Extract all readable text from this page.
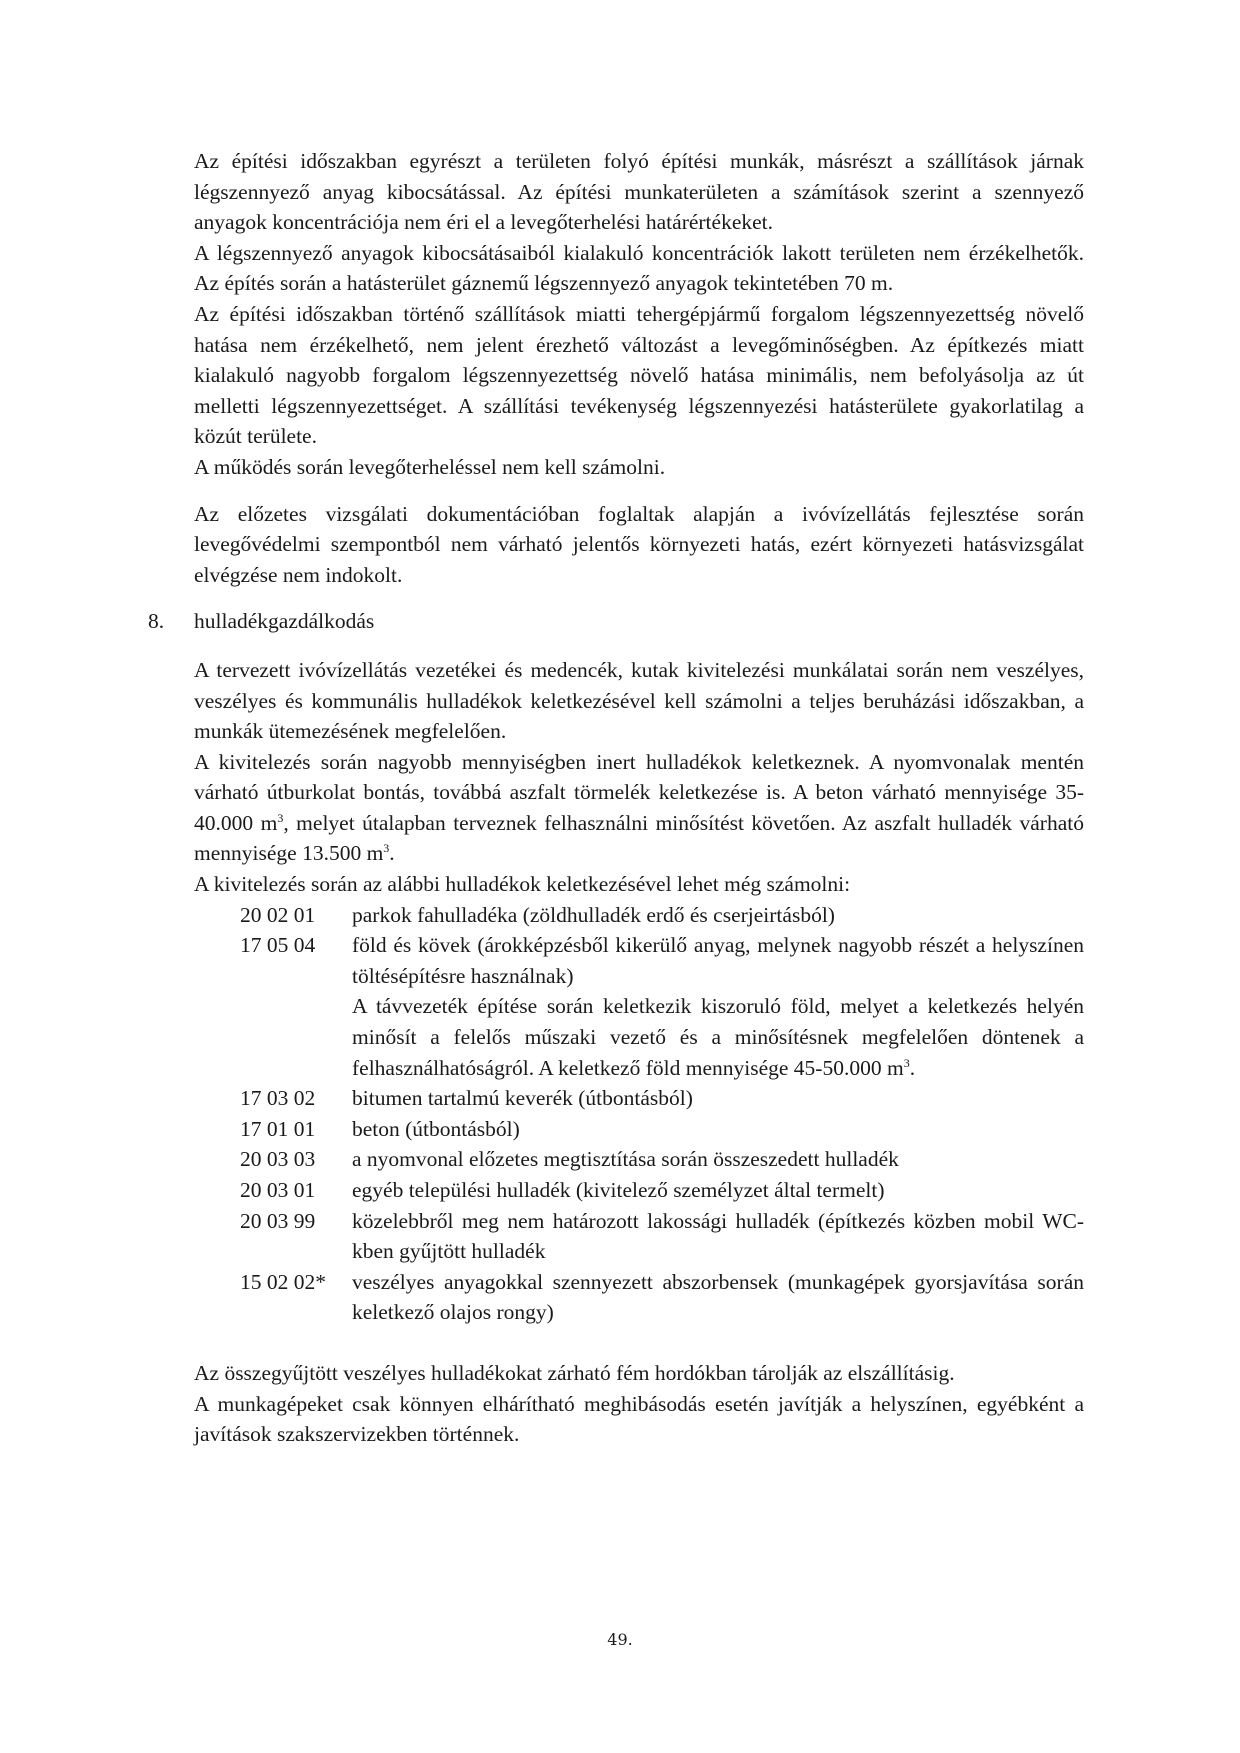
Az építési időszakban egyrészt a területen folyó építési munkák, másrészt a szállítások járnak légszennyező anyag kibocsátással. Az építési munkaterületen a számítások szerint a szennyező anyagok koncentrációja nem éri el a levegőterhelési határértékeket.

A légszennyező anyagok kibocsátásaiból kialakuló koncentrációk lakott területen nem érzékelhetők. Az építés során a hatásterület gáznemű légszennyező anyagok tekintetében 70 m.

Az építési időszakban történő szállítások miatti tehergépjármű forgalom légszennyezettség növelő hatása nem érzékelhető, nem jelent érezhető változást a levegőminőségben. Az építkezés miatt kialakuló nagyobb forgalom légszennyezettség növelő hatása minimális, nem befolyásolja az út melletti légszennyezettséget. A szállítási tevékenység légszennyezési hatásterülete gyakorlatilag a közút területe.

A működés során levegőterheléssel nem kell számolni.

Az előzetes vizsgálati dokumentációban foglaltak alapján a ivóvízellátás fejlesztése során levegővédelmi szempontból nem várható jelentős környezeti hatás, ezért környezeti hatásvizsgálat elvégzése nem indokolt.

8. hulladékgazdálkodás

A tervezett ivóvízellátás vezetékei és medencék, kutak kivitelezési munkálatai során nem veszélyes, veszélyes és kommunális hulladékok keletkezésével kell számolni a teljes beruházási időszakban, a munkák ütemezésének megfelelően.

A kivitelezés során nagyobb mennyiségben inert hulladékok keletkeznek. A nyomvonalak mentén várható útburkolat bontás, továbbá aszfalt törmelék keletkezése is. A beton várható mennyisége 35-40.000 $m^3$, melyet útalapban terveznek felhasználni minősítést követően. Az aszfalt hulladék várható mennyisége 13.500 $m^3$.

A kivitelezés során az alábbi hulladékok keletkezésével lehet még számolni:

20 02 01	parkok fahulladéka (zöldhulladék erdő és cserjeirtásból)
17 05 04	föld és kövek (árokképzésből kikerülő anyag, melynek nagyobb részét a helyszínen töltésépítésre használnak)
A távvezeték építése során keletkezik kiszoruló föld, melyet a keletkezés helyén minősít a felelős műszaki vezető és a minősítésnek megfelelően döntenek a felhasználhatóságról. A keletkező föld mennyisége 45-50.000 $m^3$.
17 03 02	bitumen tartalmú keverék (útbontásból)
17 01 01	beton (útbontásból)
20 03 03	a nyomvonal előzetes megtisztítása során összeszedett hulladék
20 03 01	egyéb települési hulladék (kivitelező személyzet által termelt)
20 03 99	közelebbről meg nem határozott lakossági hulladék (építkezés közben mobil WC-kben gyűjtött hulladék
15 02 02*	veszélyes anyagokkal szennyezett abszorbensek (munkagépek gyorsjavítása során keletkező olajos rongy)

Az összegyűjtött veszélyes hulladékokat zárható fém hordókban tárolják az elszállításig.

A munkagépeket csak könnyen elhárítható meghibásodás esetén javítják a helyszínen, egyébként a javítások szakszervizekben történnek.

49.
